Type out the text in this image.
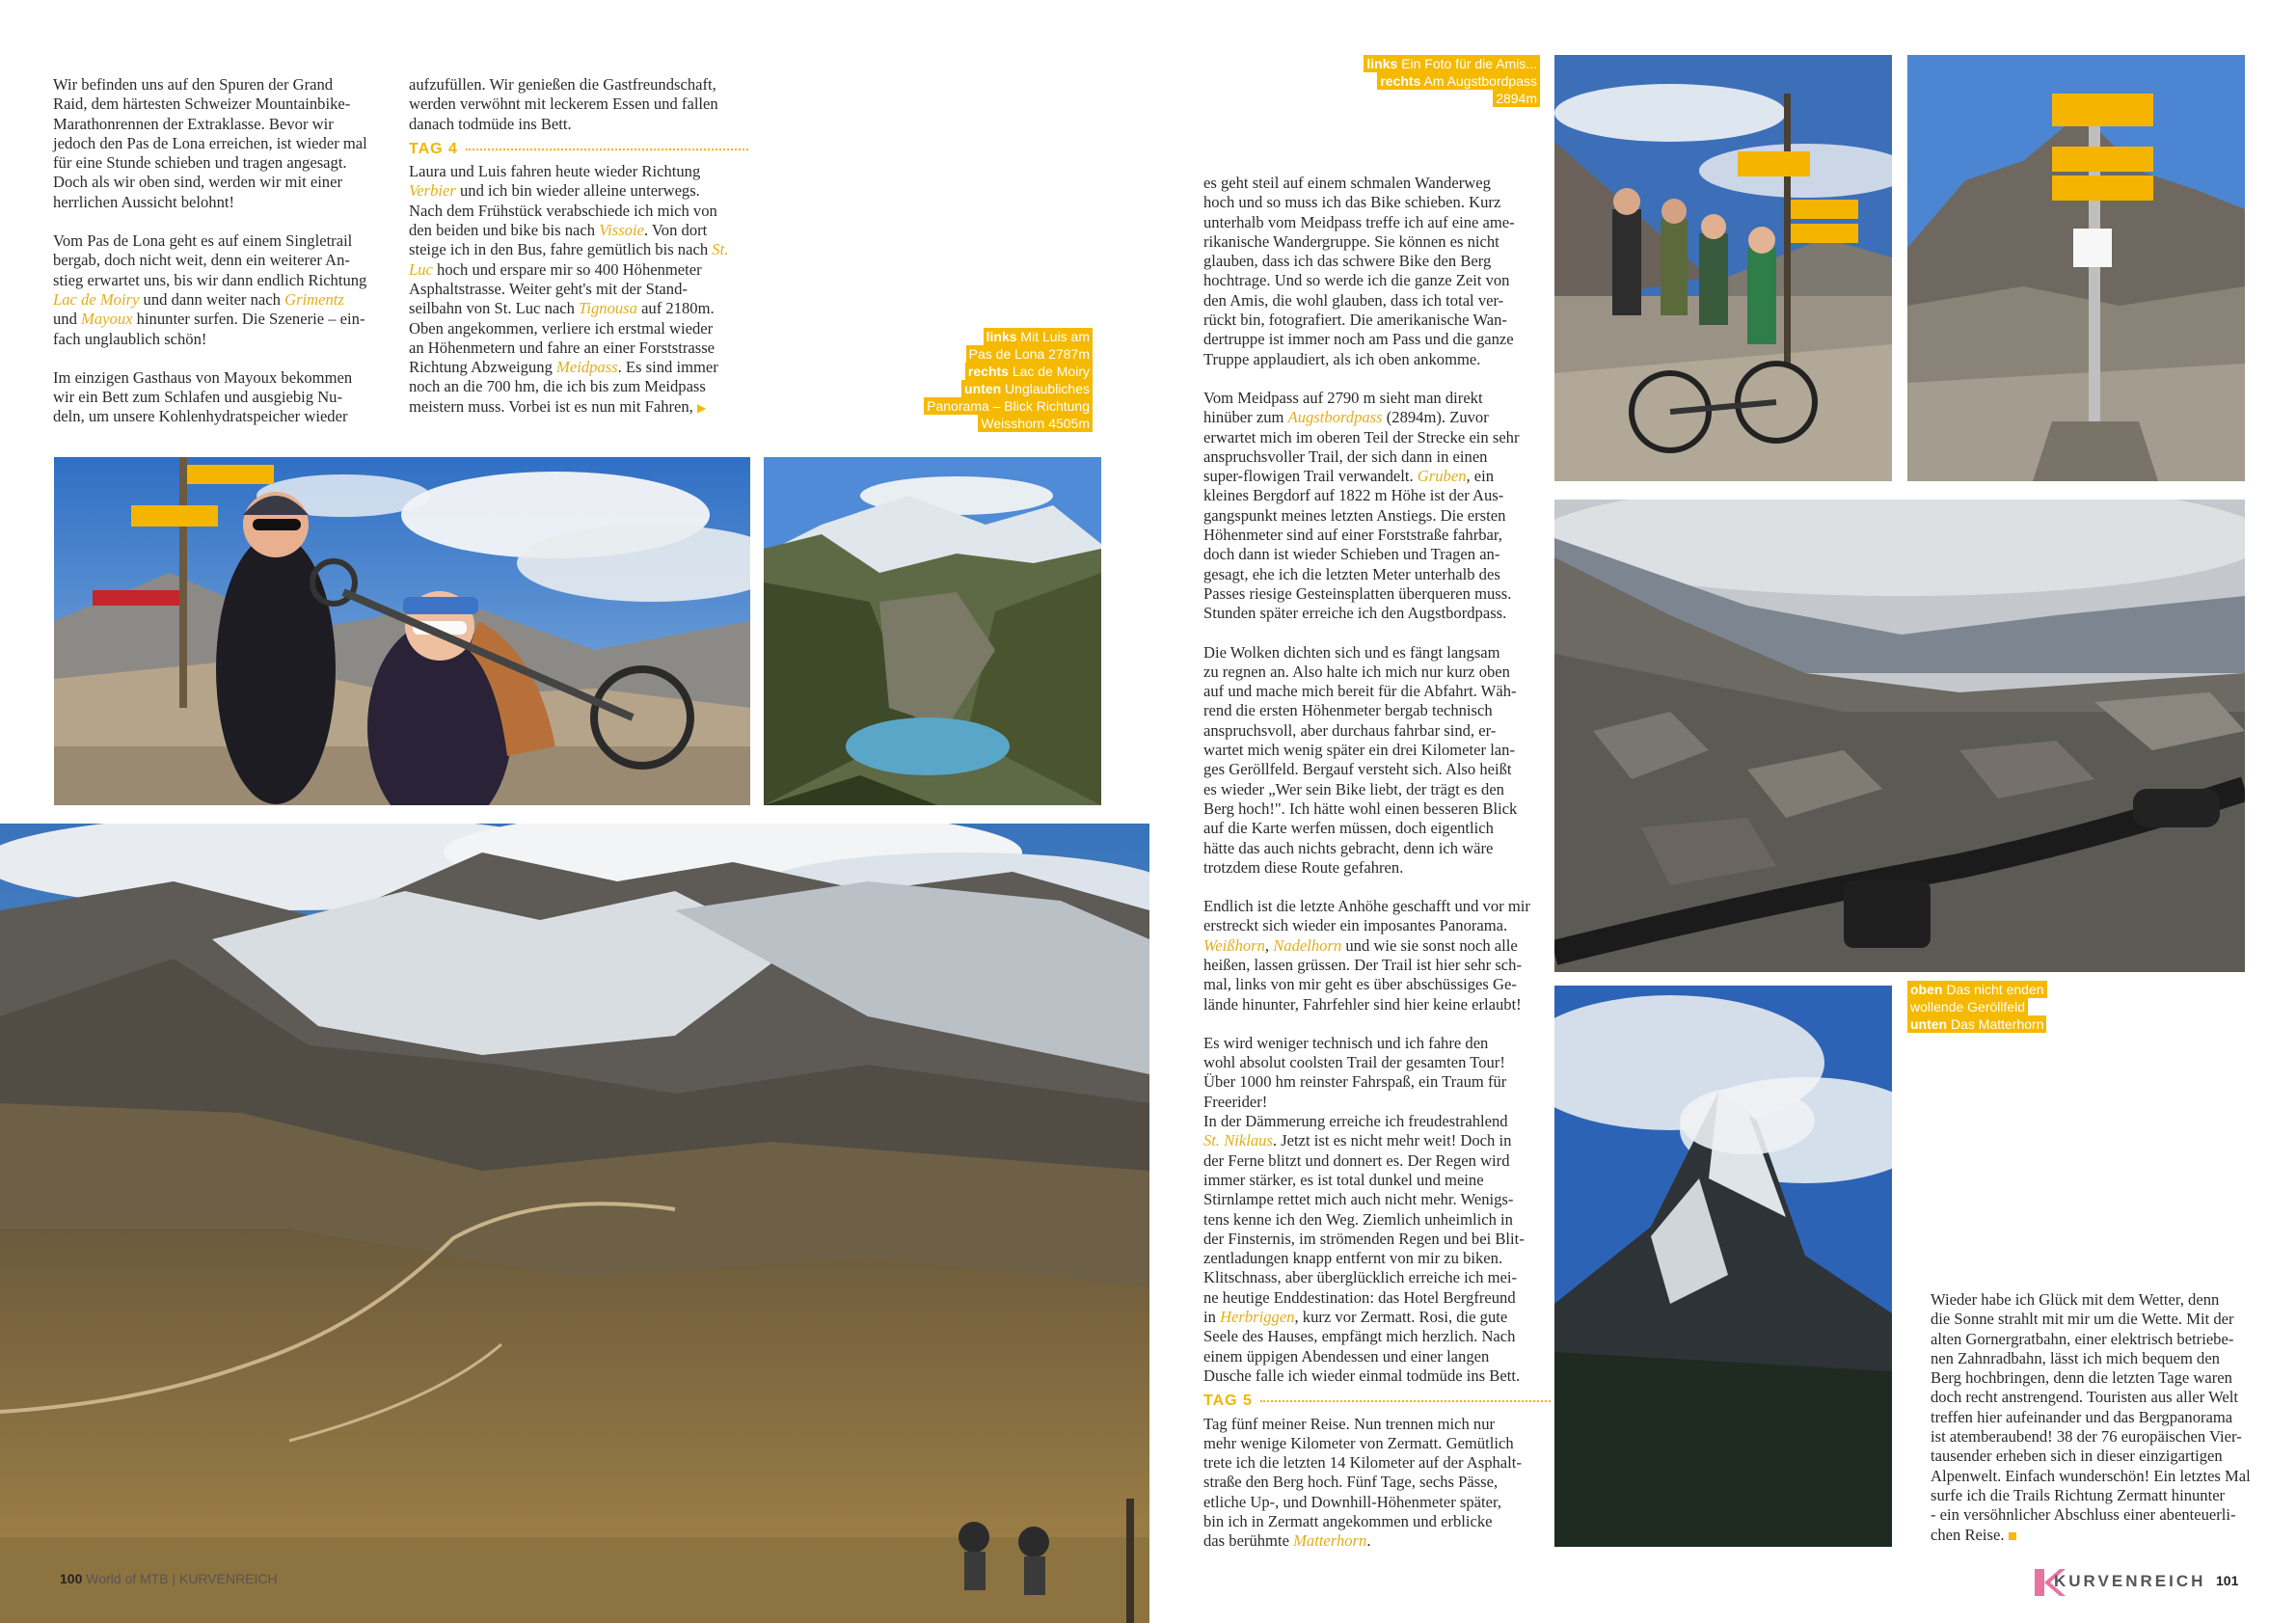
Wir befinden uns auf den Spuren der Grand
Raid, dem härtesten Schweizer Mountainbike-
Marathonrennen der Extraklasse. Bevor wir
jedoch den Pas de Lona erreichen, ist wieder mal
für eine Stunde schieben und tragen angesagt.
Doch als wir oben sind, werden wir mit einer
herrlichen Aussicht belohnt!

Vom Pas de Lona geht es auf einem Singletrail
bergab, doch nicht weit, denn ein weiterer An-
stieg erwartet uns, bis wir dann endlich Richtung
Lac de Moiry und dann weiter nach Grimentz
und Mayoux hinunter surfen. Die Szenerie – ein-
fach unglaublich schön!

Im einzigen Gasthaus von Mayoux bekommen
wir ein Bett zum Schlafen und ausgiebig Nu-
deln, um unsere Kohlenhydratspeicher wieder

aufzufüllen. Wir genießen die Gastfreundschaft,
werden verwöhnt mit leckerem Essen und fallen
danach todmüde ins Bett.

TAG 4

Laura und Luis fahren heute wieder Richtung
Verbier und ich bin wieder alleine unterwegs.
Nach dem Frühstück verabschiede ich mich von
den beiden und bike bis nach Vissoie. Von dort
steige ich in den Bus, fahre gemütlich bis nach St.
Luc hoch und erspare mir so 400 Höhenmeter
Asphaltstrasse. Weiter geht's mit der Stand-
seilbahn von St. Luc nach Tignousa auf 2180m.
Oben angekommen, verliere ich erstmal wieder
an Höhenmetern und fahre an einer Forststrasse
Richtung Abzweigung Meidpass. Es sind immer
noch an die 700 hm, die ich bis zum Meidpass
meistern muss. Vorbei ist es nun mit Fahren, ▶

links Mit Luis am
Pas de Lona 2787m
rechts Lac de Moiry
unten Unglaubliches
Panorama – Blick Richtung
Weisshorn 4505m
100 World of MTB | KURVENREICH
links Ein Foto für die Amis...
rechts Am Augstbordpass
2894m

es geht steil auf einem schmalen Wanderweg
hoch und so muss ich das Bike schieben. Kurz
unterhalb vom Meidpass treffe ich auf eine ame-
rikanische Wandergruppe. Sie können es nicht
glauben, dass ich das schwere Bike den Berg
hochtrage. Und so werde ich die ganze Zeit von
den Amis, die wohl glauben, dass ich total ver-
rückt bin, fotografiert. Die amerikanische Wan-
dertruppe ist immer noch am Pass und die ganze
Truppe applaudiert, als ich oben ankomme.

Vom Meidpass auf 2790 m sieht man direkt
hinüber zum Augstbordpass (2894m). Zuvor
erwartet mich im oberen Teil der Strecke ein sehr
anspruchsvoller Trail, der sich dann in einen
super-flowigen Trail verwandelt. Gruben, ein
kleines Bergdorf auf 1822 m Höhe ist der Aus-
gangspunkt meines letzten Anstiegs. Die ersten
Höhenmeter sind auf einer Forststraße fahrbar,
doch dann ist wieder Schieben und Tragen an-
gesagt, ehe ich die letzten Meter unterhalb des
Passes riesige Gesteinsplatten überqueren muss.
Stunden später erreiche ich den Augstbordpass.

Die Wolken dichten sich und es fängt langsam
zu regnen an. Also halte ich mich nur kurz oben
auf und mache mich bereit für die Abfahrt. Wäh-
rend die ersten Höhenmeter bergab technisch
anspruchsvoll, aber durchaus fahrbar sind, er-
wartet mich wenig später ein drei Kilometer lan-
ges Geröllfeld. Bergauf versteht sich. Also heißt
es wieder „Wer sein Bike liebt, der trägt es den
Berg hoch!". Ich hätte wohl einen besseren Blick
auf die Karte werfen müssen, doch eigentlich
hätte das auch nichts gebracht, denn ich wäre
trotzdem diese Route gefahren.

Endlich ist die letzte Anhöhe geschafft und vor mir
erstreckt sich wieder ein imposantes Panorama.
Weißhorn, Nadelhorn und wie sie sonst noch alle
heißen, lassen grüssen. Der Trail ist hier sehr sch-
mal, links von mir geht es über abschüssiges Ge-
lände hinunter, Fahrfehler sind hier keine erlaubt!

Es wird weniger technisch und ich fahre den
wohl absolut coolsten Trail der gesamten Tour!
Über 1000 hm reinster Fahrspaß, ein Traum für
Freerider!
In der Dämmerung erreiche ich freudestrahlend
St. Niklaus. Jetzt ist es nicht mehr weit! Doch in
der Ferne blitzt und donnert es. Der Regen wird
immer stärker, es ist total dunkel und meine
Stirnlampe rettet mich auch nicht mehr. Wenigs-
tens kenne ich den Weg. Ziemlich unheimlich in
der Finsternis, im strömenden Regen und bei Blit-
zentladungen knapp entfernt von mir zu biken.
Klitschnass, aber überglücklich erreiche ich mei-
ne heutige Enddestination: das Hotel Bergfreund
in Herbriggen, kurz vor Zermatt. Rosi, die gute
Seele des Hauses, empfängt mich herzlich. Nach
einem üppigen Abendessen und einer langen
Dusche falle ich wieder einmal todmüde ins Bett.

TAG 5

Tag fünf meiner Reise. Nun trennen mich nur
mehr wenige Kilometer von Zermatt. Gemütlich
trete ich die letzten 14 Kilometer auf der Asphalt-
straße den Berg hoch. Fünf Tage, sechs Pässe,
etliche Up-, und Downhill-Höhenmeter später,
bin ich in Zermatt angekommen und erblicke
das berühmte Matterhorn.

oben Das nicht enden
wollende Geröllfeld
unten Das Matterhorn

Wieder habe ich Glück mit dem Wetter, denn
die Sonne strahlt mit mir um die Wette. Mit der
alten Gornergratbahn, einer elektrisch betriebe-
nen Zahnradbahn, lässt ich mich bequem den
Berg hochbringen, denn die letzten Tage waren
doch recht anstrengend. Touristen aus aller Welt
treffen hier aufeinander und das Bergpanorama
ist atemberaubend! 38 der 76 europäischen Vier-
tausender erheben sich in dieser einzigartigen
Alpenwelt. Einfach wunderschön! Ein letztes Mal
surfe ich die Trails Richtung Zermatt hinunter
- ein versöhnlicher Abschluss einer abenteuerli-
chen Reise.

KURVENREICH 101
